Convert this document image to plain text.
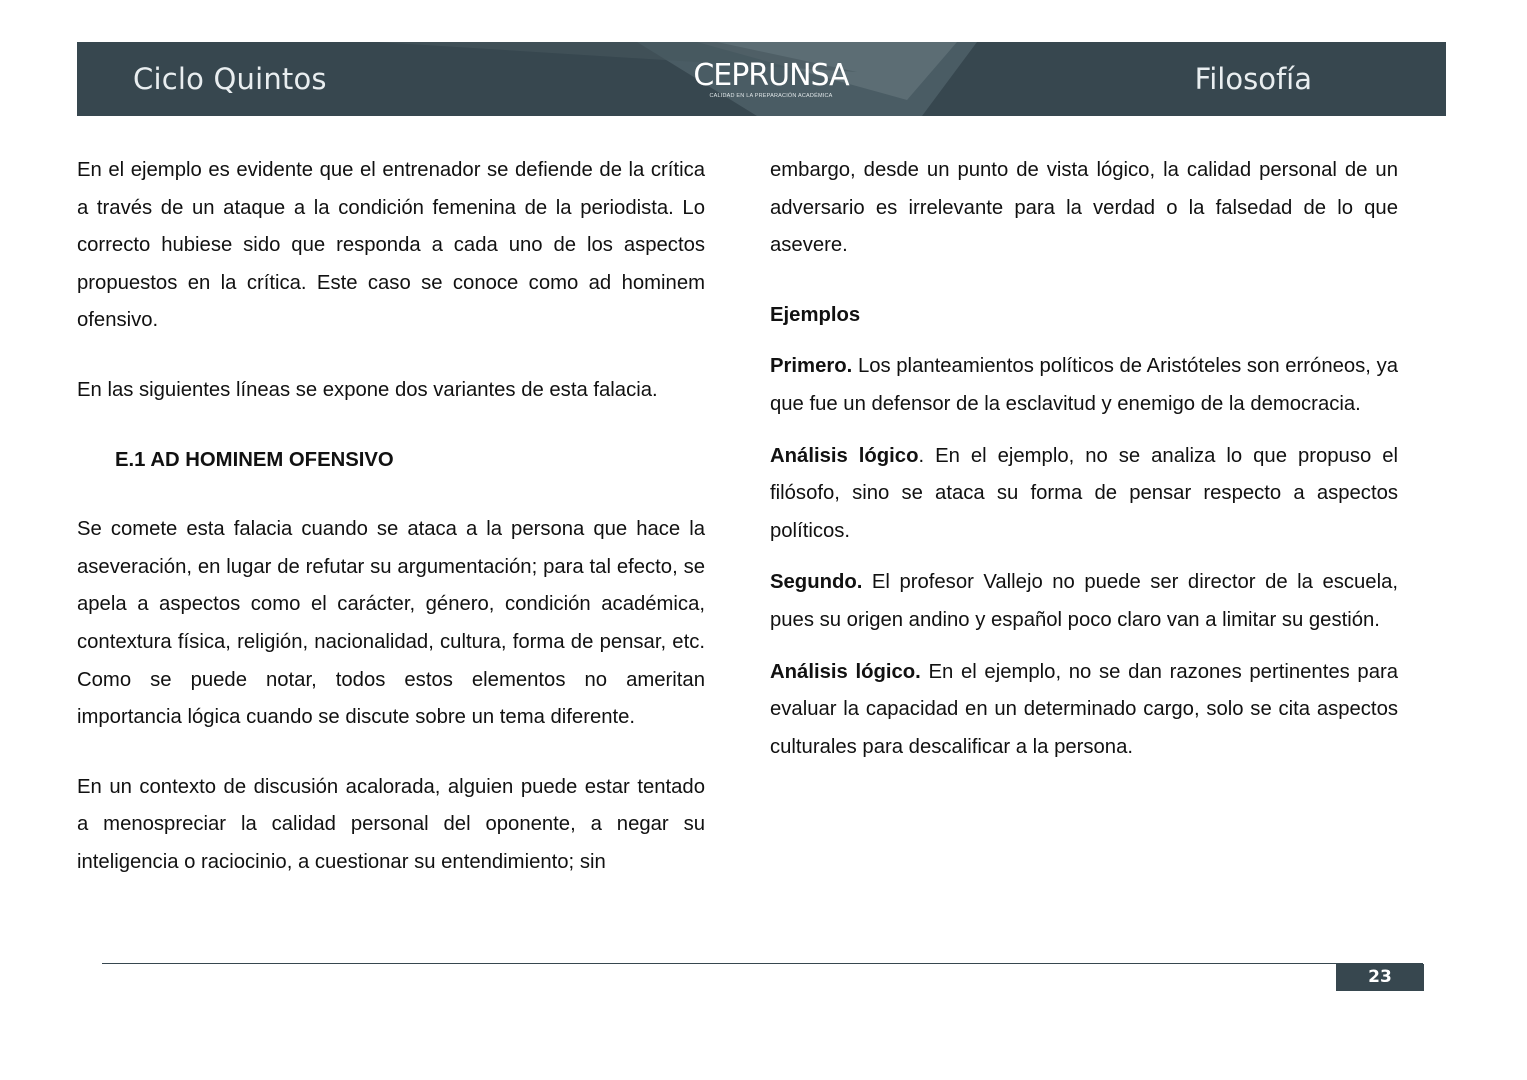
Ciclo Quintos	CEPRUNSA
CALIDAD EN LA PREPARACIÓN ACADÉMICA	Filosofía

En el ejemplo es evidente que el entrenador se defiende de la crítica a través de un ataque a la condición femenina de la periodista. Lo correcto hubiese sido que responda a cada uno de los aspectos propuestos en la crítica. Este caso se conoce como ad hominem ofensivo.

En las siguientes líneas se expone dos variantes de esta falacia.

E.1 AD HOMINEM OFENSIVO

Se comete esta falacia cuando se ataca a la persona que hace la aseveración, en lugar de refutar su argumentación; para tal efecto, se apela a aspectos como el carácter, género, condición académica, contextura física, religión, nacionalidad, cultura, forma de pensar, etc. Como se puede notar, todos estos elementos no ameritan importancia lógica cuando se discute sobre un tema diferente.

En un contexto de discusión acalorada, alguien puede estar tentado a menospreciar la calidad personal del oponente, a negar su inteligencia o raciocinio, a cuestionar su entendimiento; sin

embargo, desde un punto de vista lógico, la calidad personal de un adversario es irrelevante para la verdad o la falsedad de lo que asevere.

Ejemplos

Primero. Los planteamientos políticos de Aristóteles son erróneos, ya que fue un defensor de la esclavitud y enemigo de la democracia.

Análisis lógico. En el ejemplo, no se analiza lo que propuso el filósofo, sino se ataca su forma de pensar respecto a aspectos políticos.

Segundo. El profesor Vallejo no puede ser director de la escuela, pues su origen andino y español poco claro van a limitar su gestión.

Análisis lógico. En el ejemplo, no se dan razones pertinentes para evaluar la capacidad en un determinado cargo, solo se cita aspectos culturales para descalificar a la persona.

23
